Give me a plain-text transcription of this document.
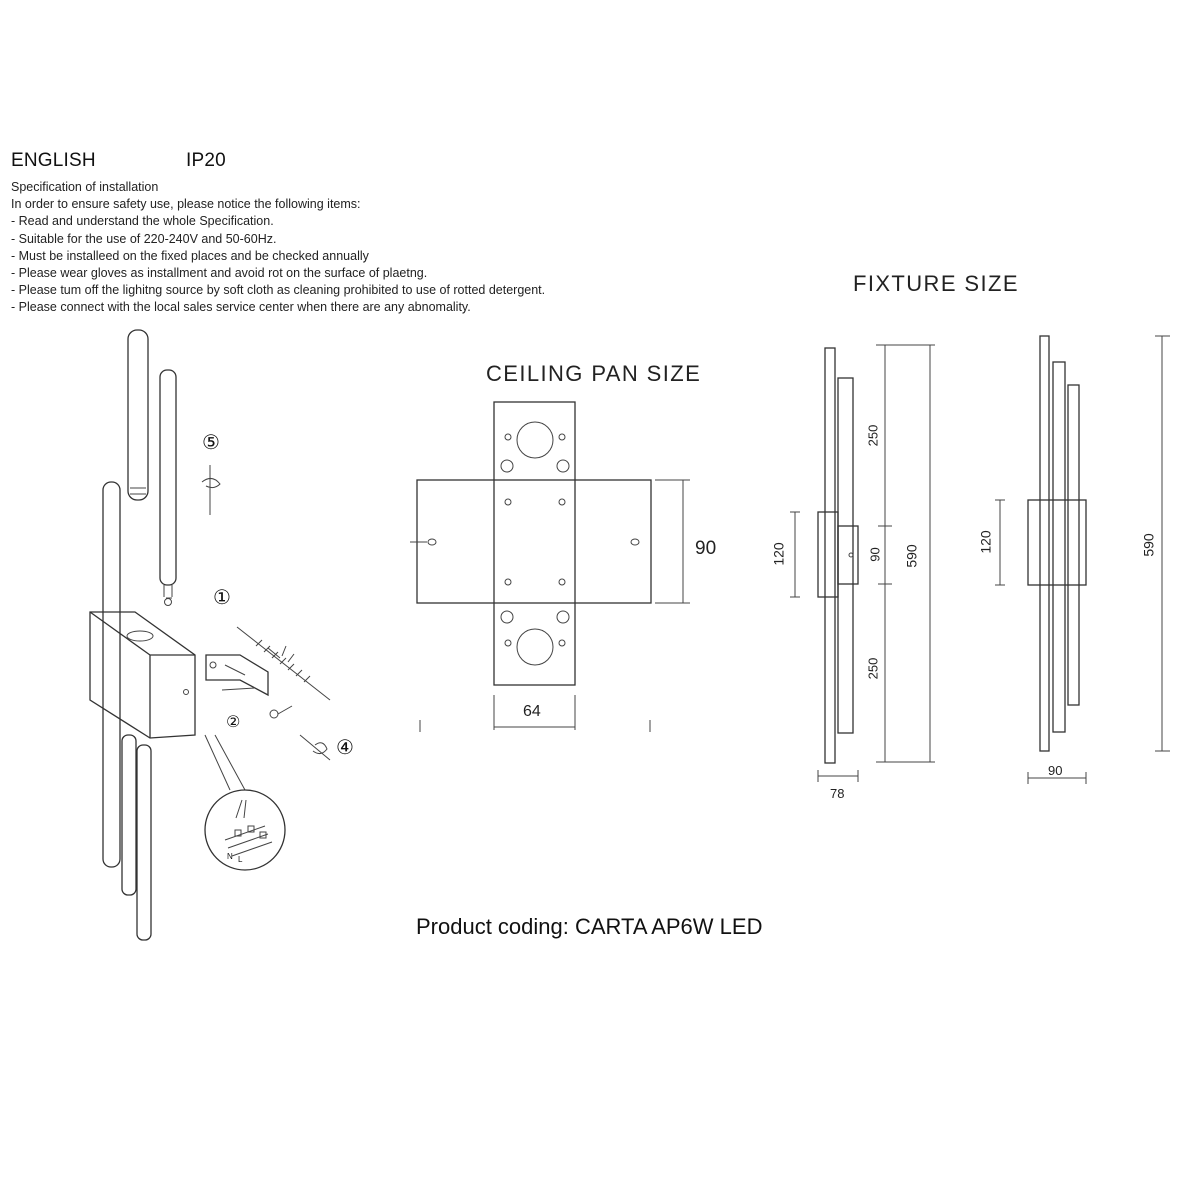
ENGLISH	IP20
Specification of installation
In order to ensure safety use, please notice the following items:
- Read and understand the whole Specification.
- Suitable for the use of 220-240V and 50-60Hz.
- Must be installeed on the fixed places and be checked annually
- Please wear gloves as installment and avoid rot on the surface of plaetng.
- Please tum off the lighitng source by soft cloth as cleaning prohibited to use of rotted detergent.
- Please connect with the local sales service center when there are any abnomality.
FIXTURE SIZE
CEILING PAN SIZE
⑤
①
②
④
N L
90
64
250
90
250
590
120
78
120	590
90
Product coding: CARTA AP6W LED
